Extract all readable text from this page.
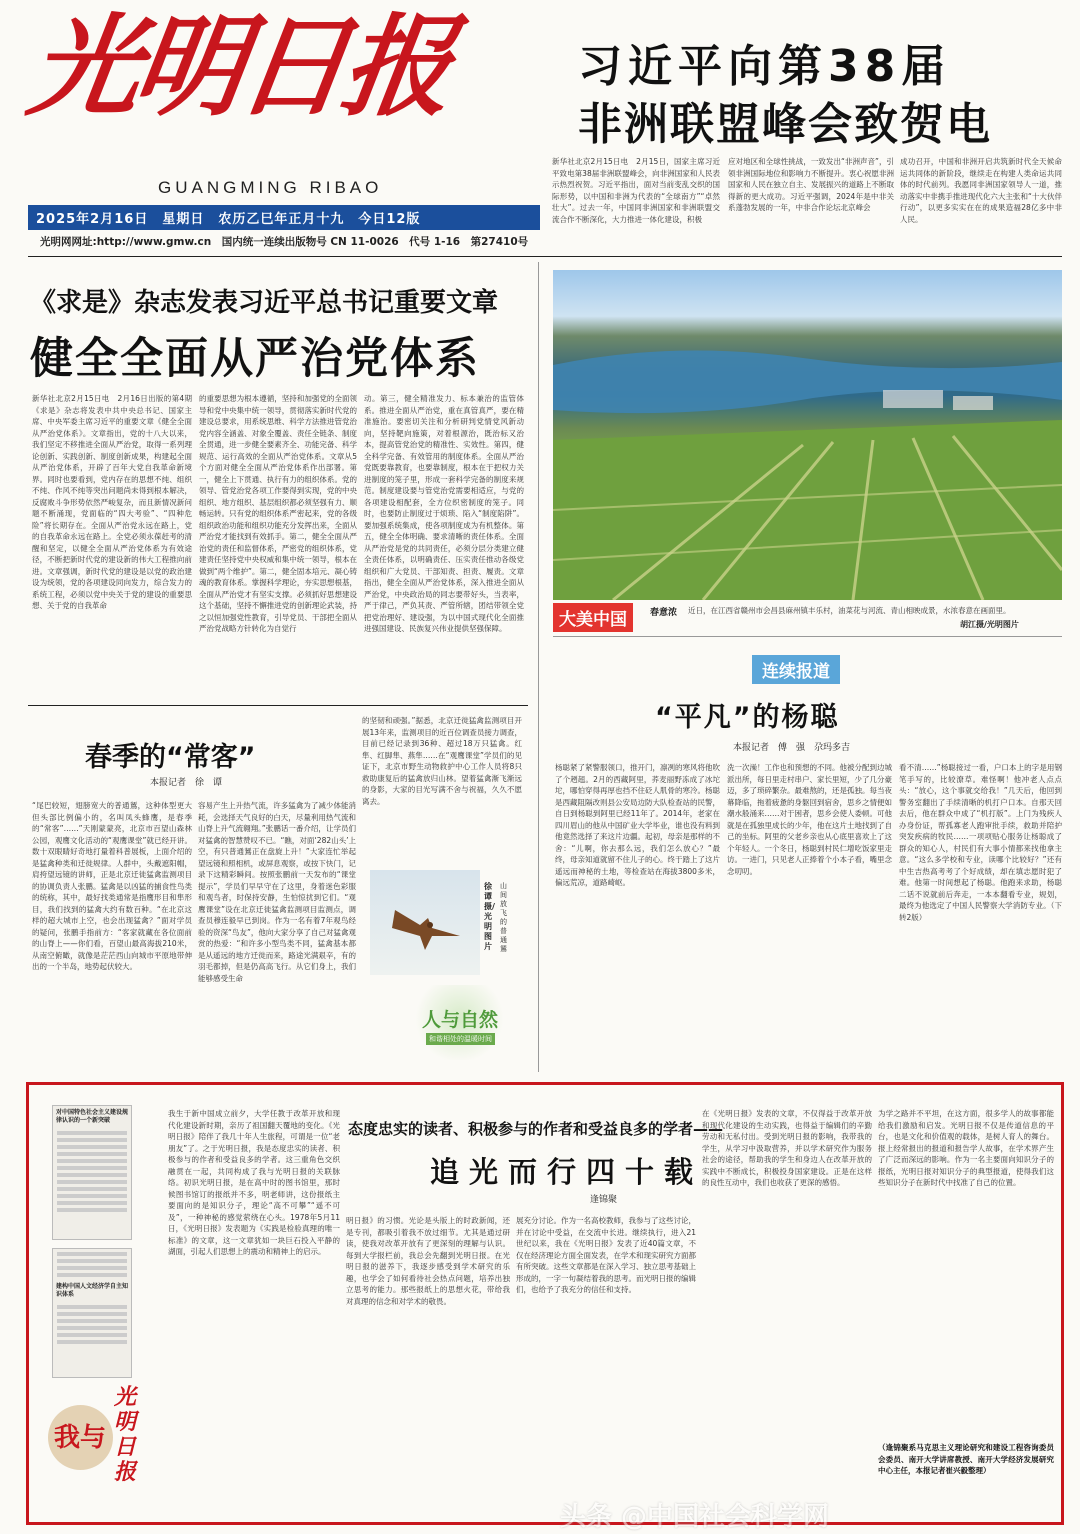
光明日报
GUANGMING RIBAO
2025年2月16日　星期日　农历乙巳年正月十九　今日12版
光明网网址:http://www.gmw.cn　国内统一连续出版物号 CN 11-0026　代号 1-16　第27410号
习近平向第38届
非洲联盟峰会致贺电
新华社北京2月15日电　2月15日，国家主席习近平致电第38届非洲联盟峰会，向非洲国家和人民表示热烈祝贺。习近平指出，面对当前变乱交织的国际形势，以中国和非洲为代表的“全球南方”“卓然壮大”。过去一年，中国同非洲国家和非洲联盟交流合作不断深化，大力推进一体化建设，积极
应对地区和全球性挑战，一致发出“非洲声音”，引领非洲国际地位和影响力不断提升。衷心祝愿非洲国家和人民在独立自主、发展振兴的道路上不断取得新的更大成功。习近平强调，2024年是中非关系蓬勃发展的一年，中非合作论坛北京峰会
成功召开，中国和非洲开启共筑新时代全天候命运共同体的新阶段，继续走在构建人类命运共同体的时代前列。我愿同非洲国家领导人一道，推动落实中非携手推进现代化六大主张和“十大伙伴行动”，以更多实实在在的成果造福28亿多中非人民。
《求是》杂志发表习近平总书记重要文章
健全全面从严治党体系
新华社北京2月15日电　2月16日出版的第4期《求是》杂志将发表中共中央总书记、国家主席、中央军委主席习近平的重要文章《健全全面从严治党体系》。文章指出，党的十八大以来，我们坚定不移推进全面从严治党，取得一系列理论创新、实践创新、制度创新成果，构建起全面从严治党体系，开辟了百年大党自我革命新境界。同时也要看到，党内存在的思想不纯、组织不纯、作风不纯等突出问题尚未得到根本解决，反腐败斗争形势依然严峻复杂，而且新情况新问题不断涌现，党面临的“四大考验”、“四种危险”将长期存在。全面从严治党永远在路上，党的自我革命永远在路上。全党必须永葆赶考的清醒和坚定，以健全全面从严治党体系为有效途径，不断把新时代党的建设新的伟大工程推向前进。文章强调，新时代党的建设是以党的政治建设为统领，党的各项建设同向发力，综合发力的系统工程，必须以党中央关于党的建设的重要思想、关于党的自我革命
的重要思想为根本遵循，坚持和加强党的全面领导和党中央集中统一领导，贯彻落实新时代党的建设总要求，用系统思维、科学方法推进管党治党内容全涵盖、对象全覆盖、责任全链条、制度全贯通，进一步健全要素齐全、功能完备、科学规范、运行高效的全面从严治党体系。文章从5个方面对健全全面从严治党体系作出部署。第一，健全上下贯通、执行有力的组织体系。党的领导、管党治党各项工作要得到实现，党的中央组织、地方组织、基层组织都必须坚强有力、顺畅运转。只有党的组织体系严密起来，党的各级组织政治功能和组织功能充分发挥出来，全面从严治党才能找到有效抓手。第二，健全全面从严治党的责任和监督体系，严密党的组织体系，党建责任坚持党中央权威和集中统一领导，根本在做到“两个维护”。第二，健全固本培元、凝心铸魂的教育体系。掌握科学理论，夯实思想根基，全面从严治党才有坚实支撑。必须抓好思想建设这个基础，坚持不懈推进党的创新理论武装，持之以恒加强党性教育，引导党员、干部把全面从严治党战略方针转化为自觉行
动。第三，健全精准发力、标本兼治的监管体系。推进全面从严治党，重在真管真严，要在精准施治。要密切关注和分析研判党情党风新动向，坚持靶向施策，对着根源治，既治标又治本，提高管党治党的精准性、实效性。第四，健全科学完备、有效管用的制度体系。全面从严治党既要靠教育，也要靠制度，根本在于把权力关进制度的笼子里，形成一套科学完备的制度来规范。制度建设要与管党治党需要相适应，与党的各项建设相配套，全方位织密制度的笼子。同时，也要防止制度过于烦琐、陷入“制度陷阱”。要加强系统集成，使各项制度成为有机整体。第五，健全全体明确、要求清晰的责任体系。全面从严治党是党的共同责任，必须分层分类建立健全责任体系，以明确责任、压实责任推动各级党组织和广大党员、干部知责、担责、履责。文章指出，健全全面从严治党体系，深入推进全面从严治党，中央政治局的同志要带好头，当表率，严于律己，严负其责、严管所辖，团结带领全党把党治理好、建设强，为以中国式现代化全面推进强国建设、民族复兴伟业提供坚强保障。	大美中国	春意浓 近日，在江西省赣州市会昌县麻州镇丰乐村，油菜花与河流、青山相映成景，水浓春意在画面里。
胡江摄/光明图片
连续报道
“平凡”的杨聪
本报记者　傅　强　尕玛多吉
杨聪紧了紧警服领口，推开门，凛冽的寒风将他吹了个趔趄。2月的西藏阿里，荞麦丽野冻成了冰坨坨，哪怕穿得再厚也挡不住砭人肌骨的寒冷。杨聪是西藏阻隔改则县公安局边防大队检查站的民警，自日到杨聪到阿里已经11年了。2014年，老家在四川眉山的他从中国矿业大学毕业，谁也没有料到他竟然选择了来这片边疆。起初，母亲是那样的不舍：“儿啊，你去那么远，我们怎么放心？”最终，母亲知道就留不住儿子的心。终于踏上了这片遥远而神秘的土地，等检查站在海拔3800多米，偏远荒凉，道路崎岖。
洗一次澡！工作也和预想的不同。他被分配到边城派出所，每日里走村串户、家长里短，少了几分豪迈，多了琐碎繁杂。最难熬的，还是孤独。每当夜幕降临，拖着疲惫的身躯回到宿舍，思乡之情便如潮水般涌来……对于困者，思乡会使人委顿。可他就是在孤独里成长的少年，他在这片土地找到了自己的坐标。阿里的父老乡亲也从心底里喜欢上了这个年轻人。一个冬日，杨聪到村民仁增吃饭家里走访。一进门，只见老人正捧着个小本子看，嘴里念念叨叨。
看不清……”杨聪接过一看，户口本上的字是用钢笔手写的，比较潦草。难怪啊！他冲老人点点头：“放心，这个事就交给我！”几天后，他回到警务室翻出了手续清晰的机打户口本。自那天回去后，他在群众中成了“机打版”。上门为残疾人办身份证，帮孤寡老人跑审批手续，救助并陪护突发疾病的牧民……一项项贴心服务让杨聪成了群众的知心人，村民们有大事小情都来找他拿主意。“这么多学校和专业，读哪个比较好？”还有中生吉热高考考了个好成绩，却在填志愿时犯了难。他第一时间想起了杨聪。他跑来求助，杨聪二话不说就前后奔走，一本本翻看专业，规划，最终为他选定了中国人民警察大学消防专业。（下转2版）
春季的“常客”
本报记者　徐　谭
“尾巴较短，翅膀宽大的普通鵟，这种体型更大但头部比例偏小的，名叫凤头蜂鹰，是春季的“常客”……”天刚蒙蒙亮，北京市百望山森林公园，观鹰文化活动的“观鹰课堂”就已经开讲。数十双眼睛好奇地打量着科普展板，上面介绍的是猛禽种类和迁徙规律。人群中，头戴遮阳帽，肩挎望远镜的讲师，正是北京迁徙猛禽监测项目的协调负责人张鹏。猛禽是以凶猛的捕食性鸟类的统称，其中，最好找类通常是指鹰形目和隼形目，我们找到的猛禽大约有数百种。“在北京这样的超大城市上空，也会出现猛禽？”面对学员的疑问，张鹏手指前方：“客家就藏在各位面前的山脊上——你们看，百望山最高海拔210米，从南空俯瞰，就像是茫茫西山向城市平原地带伸出的一个半岛，地势起伏较大。
容易产生上升热气流，许多猛禽为了减少体能消耗，会选择天气良好的白天，尽量利用热气流和山脊上升气流翱翔。”张鹏话一番介绍，让学员们对猛禽的智慧赞叹不已。“瞧，对面‘282山头’上空，有只普通鵟正在盘旋上升！”大家连忙举起望远镜和照相机，或屏息观察，或按下快门，记录下这精彩瞬间。按照张鹏前一天发布的“课堂提示”，学员们早早守在了这里，身着迷色彩服和观鸟者，时保持安静，生怕惊扰到它们。“观鹰课堂”设在北京迁徙猛禽监测项目监测点，调查员穆连毅早已到岗。作为一名有着7年观鸟经验的资深“鸟友”，他向大家分享了自己对猛禽观赏的热爱：“和许多小型鸟类不同，猛禽基本都是从遥远的地方迁徙而来，路途光满艰辛，有的羽毛都掉，但是仍高高飞行。从它们身上，我们能够感受生命
的坚韧和顽强。”据悉，北京迁徙猛禽监测项目开展13年来，监测项目的近百位调查员接力调查，目前已经记录到36种、超过18万只猛禽。红隼、红脚隼、燕隼……在“观鹰课堂”学员们的见证下，北京市野生动物救护中心工作人员将8只救助康复后的猛禽放归山林。望着猛禽渐飞渐远的身影，大家的目光写满不舍与祝福，久久不愿离去。
徐谭摄/光明图片
山间放飞的普通鵟
人与自然
和谐相处的温暖时间
对中国特色社会主义建设规律认识的一个新突破
建构中国人文经济学自主知识体系
我与
光明日报
我生于新中国成立前夕，大学任教于改革开放和现代化建设新时期，亲历了祖国翻天覆地的变化。《光明日报》陪伴了我几十年人生旅程，可谓是一位“老朋友”了。之于光明日报，我是态度忠实的读者、积极参与的作者和受益良多的学者。这三重角色交织融贯在一起，共同构成了我与光明日报的关联脉络。初识光明日报，是在高中时的图书馆里，那时候图书馆订的报纸并不多，明老师讲，这份报纸主要面向的是知识分子，理论“高不可攀”“遥不可及”，一种神秘的感觉萦绕在心头。1978年5月11日，《光明日报》发表题为《实践是检验真理的唯一标准》的文章，这一文章犹如一块巨石投入平静的湖面，引起人们思想上的震动和精神上的启示。
态度忠实的读者、积极参与的作者和受益良多的学者——
追光而行四十载
逢锦聚
明日报》的习惯。光论是头版上的时政新闻，还是专刊，都吸引着我不放过细节。尤其是通过研读，使我对改革开放有了更深刻的理解与认识。每到大学报栏前，我总会先翻到光明日报。在光明日报的滋养下，我逐步感受到学术研究的乐趣，也学会了如何看待社会热点问题，培养出独立思考的能力。那些报纸上的思想火花，带给我对真理的信念和对学术的敬畏。
展充分讨论。作为一名高校教师，我参与了这些讨论，并在讨论中受益，在交流中长进。继续执行，进入21世纪以来，我在《光明日报》发表了近40篇文章，不仅在经济理论方面全面发表，在学术和现实研究方面都有所突破。这些文章都是在深入学习、独立思考基础上形成的，一字一句凝结着我的思考。而光明日报的编辑们，也给予了我充分的信任和支持。
在《光明日报》发表的文章，不仅得益于改革开放和现代化建设的生动实践，也得益于编辑们的辛勤劳动和无私付出。受到光明日报的影响，我带我的学生，从学习中汲取营养，并以学术研究作为服务社会的途径，帮助我的学生和身边人在改革开放的实践中不断成长，积极投身国家建设。正是在这样的良性互动中，我们也收获了更深的感悟。
为学之路并不平坦，在这方面，很多学人的故事都能给我们激励和启发。光明日报不仅是传道信息的平台，也是文化和价值观的载体，是树人育人的舞台。报上经常报出的报道和报告学人故事，在学术界产生了广泛而深远的影响。作为一名主要面向知识分子的报纸，光明日报对知识分子的典型报道，使得我们这些知识分子在新时代中找准了自己的位置。
（逢锦聚系马克思主义理论研究和建设工程咨询委员会委员、南开大学讲席教授、南开大学经济发展研究中心主任，本报记者崔兴毅整理）
头条 @中国社会科学网
